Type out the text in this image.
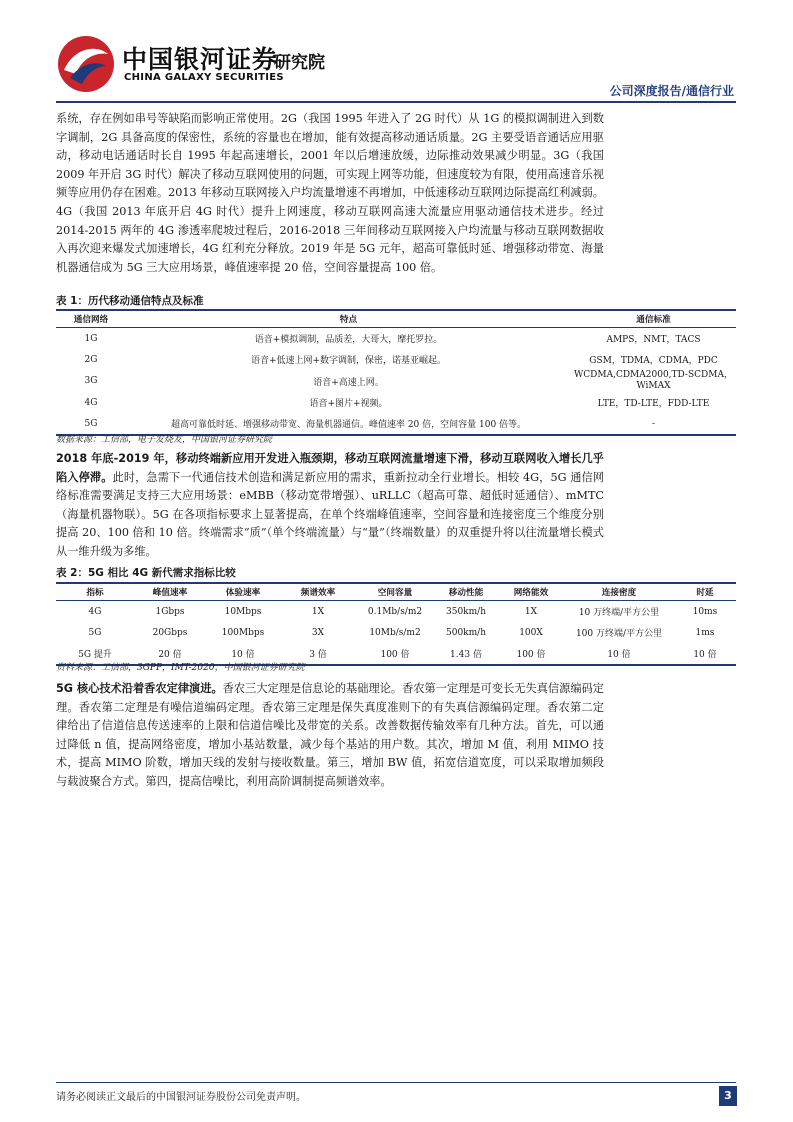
中国银河证券
CHINA GALAXY SECURITIES
研究院
公司深度报告/通信行业
系统，存在例如串号等缺陷而影响正常使用。2G（我国 1995 年进入了 2G 时代）从 1G 的模拟调制进入到数字调制，2G 具备高度的保密性，系统的容量也在增加，能有效提高移动通话质量。2G 主要受语音通话应用驱动，移动电话通话时长自 1995 年起高速增长，2001 年以后增速放缓，边际推动效果减少明显。3G（我国 2009 年开启 3G 时代）解决了移动互联网使用的问题，可实现上网等功能，但速度较为有限，使用高速音乐视频等应用仍存在困难。2013 年移动互联网接入户均流量增速不再增加，中低速移动互联网边际提高红利减弱。4G（我国 2013 年底开启 4G 时代）提升上网速度，移动互联网高速大流量应用驱动通信技术进步。经过 2014-2015 两年的 4G 渗透率爬坡过程后，2016-2018 三年间移动互联网接入户均流量与移动互联网数据收入再次迎来爆发式加速增长，4G 红利充分释放。2019 年是 5G 元年，超高可靠低时延、增强移动带宽、海量机器通信成为 5G 三大应用场景，峰值速率提 20 倍，空间容量提高 100 倍。
表 1：历代移动通信特点及标准
通信网络	特点	通信标准
1G	语音+模拟调制，品质差，大哥大，摩托罗拉。	AMPS，NMT，TACS
2G	语音+低速上网+数字调制，保密，诺基亚崛起。	GSM，TDMA，CDMA，PDC
3G	语音+高速上网。	WCDMA,CDMA2000,TD-SCDMA，WiMAX
4G	语音+图片+视频。	LTE，TD-LTE，FDD-LTE
5G	超高可靠低时延、增强移动带宽、海量机器通信。峰值速率 20 倍，空间容量 100 倍等。	-
数据来源：工信部，电子发烧友，中国银河证券研究院
2018 年底-2019 年，移动终端新应用开发进入瓶颈期，移动互联网流量增速下滑，移动互联网收入增长几乎陷入停滞。此时，急需下一代通信技术创造和满足新应用的需求，重新拉动全行业增长。相较 4G，5G 通信网络标准需要满足支持三大应用场景：eMBB（移动宽带增强）、uRLLC（超高可靠、超低时延通信）、mMTC（海量机器物联）。5G 在各项指标要求上显著提高，在单个终端峰值速率，空间容量和连接密度三个维度分别提高 20、100 倍和 10 倍。终端需求“质”（单个终端流量）与“量”（终端数量）的双重提升将以往流量增长模式从一维升级为多维。
表 2：5G 相比 4G 新代需求指标比较
指标	峰值速率	体验速率	频谱效率	空间容量	移动性能	网络能效	连接密度	时延
4G	1Gbps	10Mbps	1X	0.1Mb/s/m2	350km/h	1X	10 万终端/平方公里	10ms
5G	20Gbps	100Mbps	3X	10Mb/s/m2	500km/h	100X	100 万终端/平方公里	1ms
5G 提升	20 倍	10 倍	3 倍	100 倍	1.43 倍	100 倍	10 倍	10 倍
资料来源：工信部，3GPP，IMT-2020，中国银河证券研究院
5G 核心技术沿着香农定律演进。香农三大定理是信息论的基础理论。香农第一定理是可变长无失真信源编码定理。香农第二定理是有噪信道编码定理。香农第三定理是保失真度准则下的有失真信源编码定理。香农第二定律给出了信道信息传送速率的上限和信道信噪比及带宽的关系。改善数据传输效率有几种方法。首先，可以通过降低 n 值，提高网络密度，增加小基站数量，减少每个基站的用户数。其次，增加 M 值，利用 MIMO 技术，提高 MIMO 阶数，增加天线的发射与接收数量。第三，增加 BW 值，拓宽信道宽度，可以采取增加频段与载波聚合方式。第四，提高信噪比，利用高阶调制提高频谱效率。
请务必阅读正文最后的中国银河证券股份公司免责声明。	3
